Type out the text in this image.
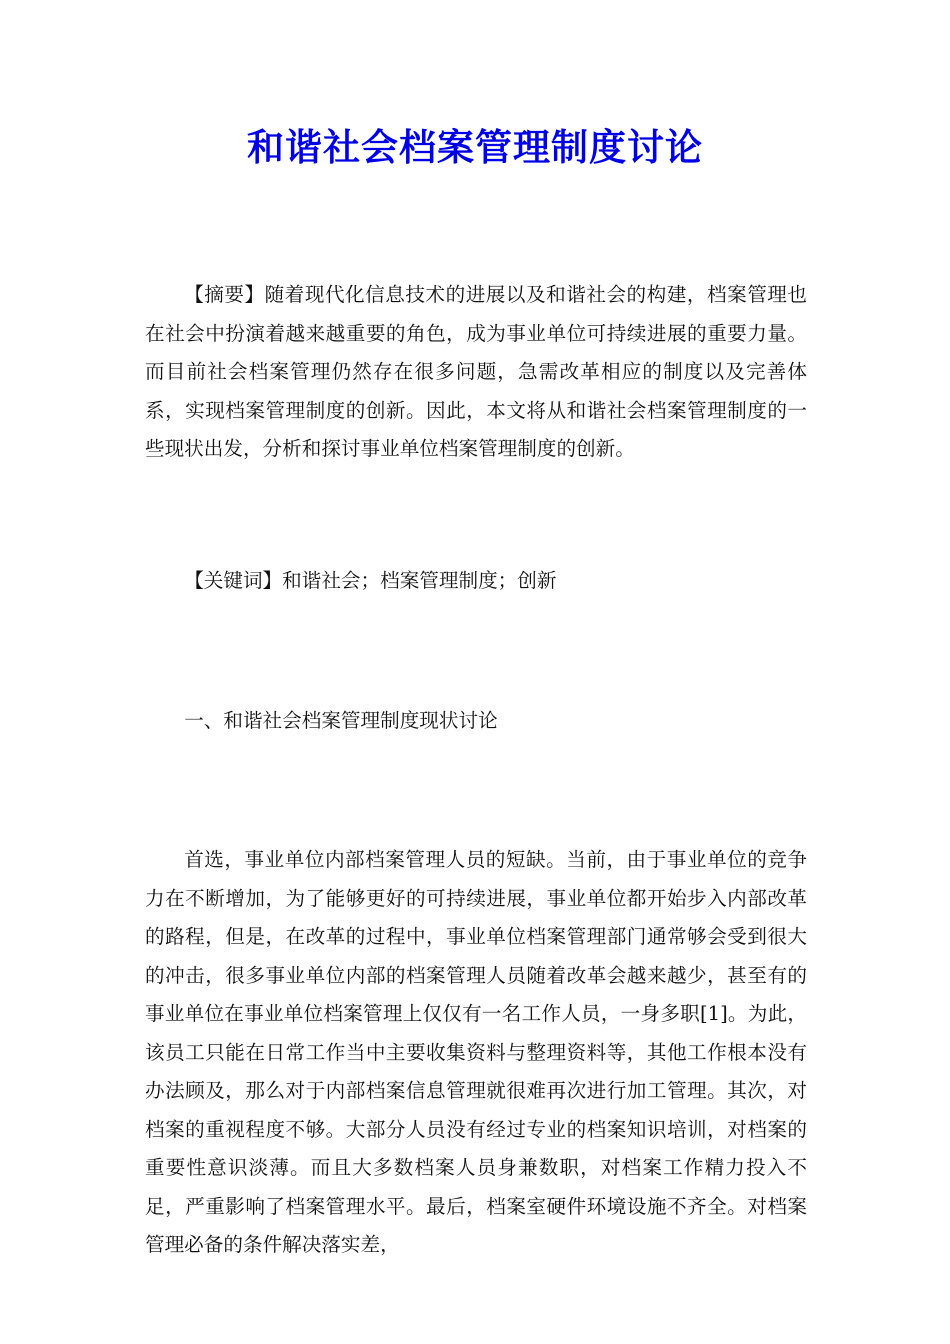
和谐社会档案管理制度讨论

【摘要】随着现代化信息技术的进展以及和谐社会的构建，档案管理也在社会中扮演着越来越重要的角色，成为事业单位可持续进展的重要力量。而目前社会档案管理仍然存在很多问题，急需改革相应的制度以及完善体系，实现档案管理制度的创新。因此，本文将从和谐社会档案管理制度的一些现状出发，分析和探讨事业单位档案管理制度的创新。

【关键词】和谐社会；档案管理制度；创新

一、和谐社会档案管理制度现状讨论

首选，事业单位内部档案管理人员的短缺。当前，由于事业单位的竞争力在不断增加，为了能够更好的可持续进展，事业单位都开始步入内部改革的路程，但是，在改革的过程中，事业单位档案管理部门通常够会受到很大的冲击，很多事业单位内部的档案管理人员随着改革会越来越少，甚至有的事业单位在事业单位档案管理上仅仅有一名工作人员，一身多职[1]。为此，该员工只能在日常工作当中主要收集资料与整理资料等，其他工作根本没有办法顾及，那么对于内部档案信息管理就很难再次进行加工管理。其次，对档案的重视程度不够。大部分人员没有经过专业的档案知识培训，对档案的重要性意识淡薄。而且大多数档案人员身兼数职，对档案工作精力投入不足，严重影响了档案管理水平。最后，档案室硬件环境设施不齐全。对档案管理必备的条件解决落实差，
